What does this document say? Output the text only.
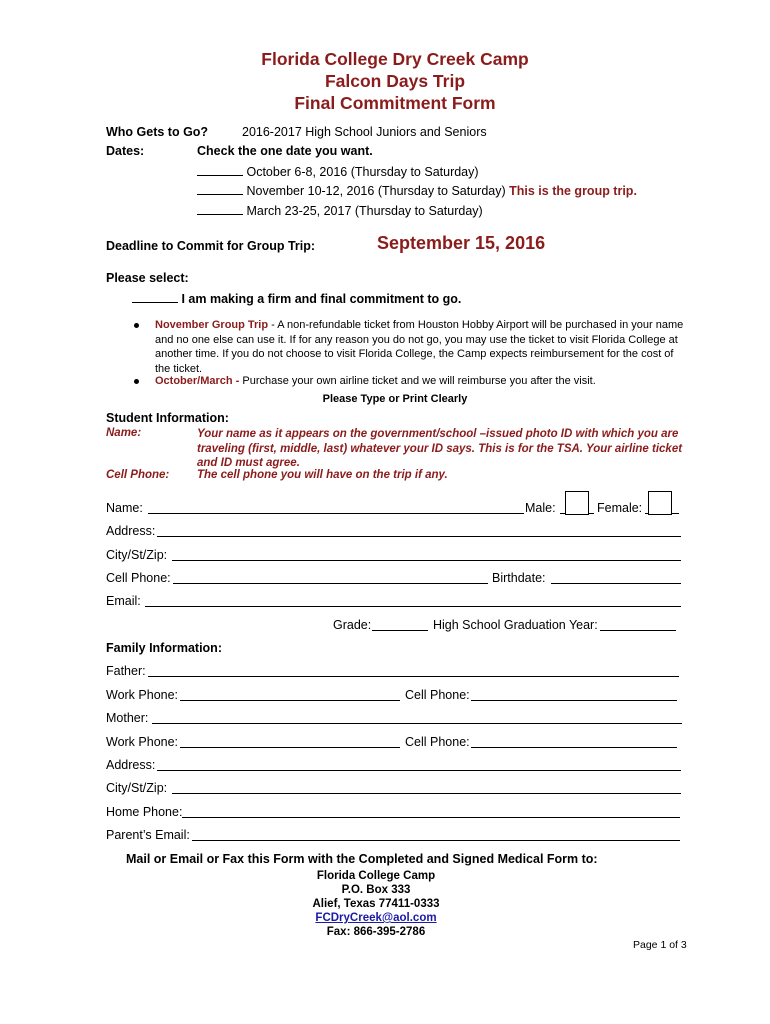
Florida College Dry Creek Camp
Falcon Days Trip
Final Commitment Form
Who Gets to Go?	2016-2017 High School Juniors and Seniors
Dates:	Check the one date you want.
October 6-8, 2016 (Thursday to Saturday)
November 10-12, 2016 (Thursday to Saturday) This is the group trip.
March 23-25, 2017 (Thursday to Saturday)
Deadline to Commit for Group Trip:	September 15, 2016
Please select:
I am making a firm and final commitment to go.
November Group Trip - A non-refundable ticket from Houston Hobby Airport will be purchased in your name and no one else can use it. If for any reason you do not go, you may use the ticket to visit Florida College at another time. If you do not choose to visit Florida College, the Camp expects reimbursement for the cost of the ticket.
October/March - Purchase your own airline ticket and we will reimburse you after the visit.
Please Type or Print Clearly
Student Information:
Name:	Your name as it appears on the government/school –issued photo ID with which you are traveling (first, middle, last) whatever your ID says. This is for the TSA. Your airline ticket and ID must agree.
Cell Phone: The cell phone you will have on the trip if any.
Name:	Male:	Female:
Address:
City/St/Zip:
Cell Phone:	Birthdate:
Email:
Grade:	High School Graduation Year:
Family Information:
Father:
Work Phone:	Cell Phone:
Mother:
Work Phone:	Cell Phone:
Address:
City/St/Zip:
Home Phone:
Parent’s Email:
Mail or Email or Fax this Form with the Completed and Signed Medical Form to:
Florida College Camp
P.O. Box 333
Alief, Texas 77411-0333
FCDryCreek@aol.com
Fax: 866-395-2786
Page 1 of 3
